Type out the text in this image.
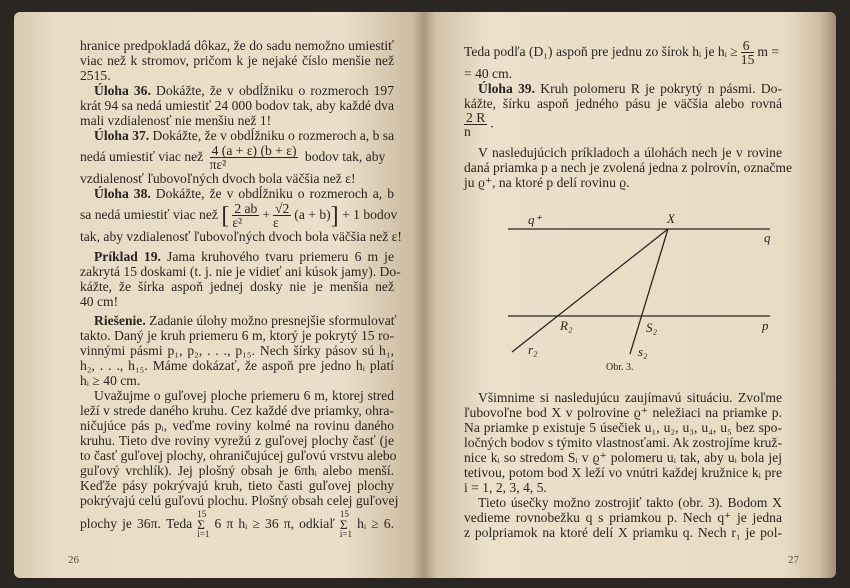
hranice predpokladá dôkaz, že do sadu nemožno umiestiť
viac než k stromov, pričom k je nejaké číslo menšie než
2515.
Úloha 36. Dokážte, že v obdĺžniku o rozmeroch 197
krát 94 sa nedá umiestiť 24 000 bodov tak, aby každé dva
mali vzdialenosť nie menšiu než 1!
Úloha 37. Dokážte, že v obdĺžniku o rozmeroch a, b sa
nedá umiestiť viac než $\frac{4 (a + \varepsilon) (b + \varepsilon)}{\text{πε²}}$ bodov tak, aby
vzdialenosť ľubovoľných dvoch bola väčšia než ε!
Úloha 38. Dokážte, že v obdĺžniku o rozmeroch a, b
sa nedá umiestiť viac než [ $\frac{2 ab}{\text{ε²}} + \frac{√2}{\varepsilon} (a + b)] + 1$ bodov
tak, aby vzdialenosť ľubovoľných dvoch bola väčšia než ε!
Príklad 19. Jama kruhového tvaru priemeru 6 m je
zakrytá 15 doskami (t. j. nie je vidieť ani kúsok jamy). Do-
kážte, že šírka aspoň jednej dosky nie je menšia než
40 cm!
Riešenie. Zadanie úlohy možno presnejšie sformulovať
takto. Daný je kruh priemeru 6 m, ktorý je pokrytý 15 ro-
vinnými pásmi p₁, p₂, . . ., p₁₅. Nech šírky pásov sú h₁,
h₂, . . ., h₁₅. Máme dokázať, že aspoň pre jedno hᵢ platí
hᵢ ≥ 40 cm.
Uvažujme o guľovej ploche priemeru 6 m, ktorej stred
leží v strede daného kruhu. Cez každé dve priamky, ohra-
ničujúce pás pᵢ, veďme roviny kolmé na rovinu daného
kruhu. Tieto dve roviny vyrežú z guľovej plochy časť (je
to časť guľovej plochy, ohraničujúcej guľovú vrstvu alebo
guľový vrchlík). Jej plošný obsah je 6πhᵢ alebo menší.
Keďže pásy pokrývajú kruh, tieto časti guľovej plochy
pokrývajú celú guľovú plochu. Plošný obsah celej guľovej
plochy je 36π. Teda
15
Σ
i=1
6 π hᵢ ≥ 36 π, odkiaľ
15
Σ
i=1
hᵢ ≥ 6.
26
Teda podľa (D₁) aspoň pre jednu zo šírok hᵢ je hᵢ ≥ $\frac{6}{15}$ m =
= 40 cm.
Úloha 39. Kruh polomeru R je pokrytý n pásmi. Do-
kážte, šírku aspoň jedného pásu je väčšia alebo rovná
$\frac{2 R}{n}$ .
V nasledujúcich príkladoch a úlohách nech je v rovine
daná priamka p a nech je zvolená jedna z polrovín, označme
ju ϱ⁺, na ktoré p delí rovinu ϱ.
q⁺	X
q
R₂	S₂	p
r₂	s₂
Obr. 3.
Všimnime si nasledujúcu zaujímavú situáciu. Zvoľme
ľubovoľne bod X v polrovine ϱ⁺ neležiaci na priamke p.
Na priamke p existuje 5 úsečiek u₁, u₂, u₃, u₄, u₅ bez spo-
ločných bodov s týmito vlastnosťami. Ak zostrojíme kruž-
nice kᵢ so stredom Sᵢ v ϱ⁺ polomeru uᵢ tak, aby uᵢ bola jej
tetivou, potom bod X leží vo vnútri každej kružnice kᵢ pre
i = 1, 2, 3, 4, 5.
Tieto úsečky možno zostrojiť takto (obr. 3). Bodom X
vedieme rovnobežku q s priamkou p. Nech q⁺ je jedna
z polpriamok na ktoré delí X priamku q. Nech r₁ je pol-
27
